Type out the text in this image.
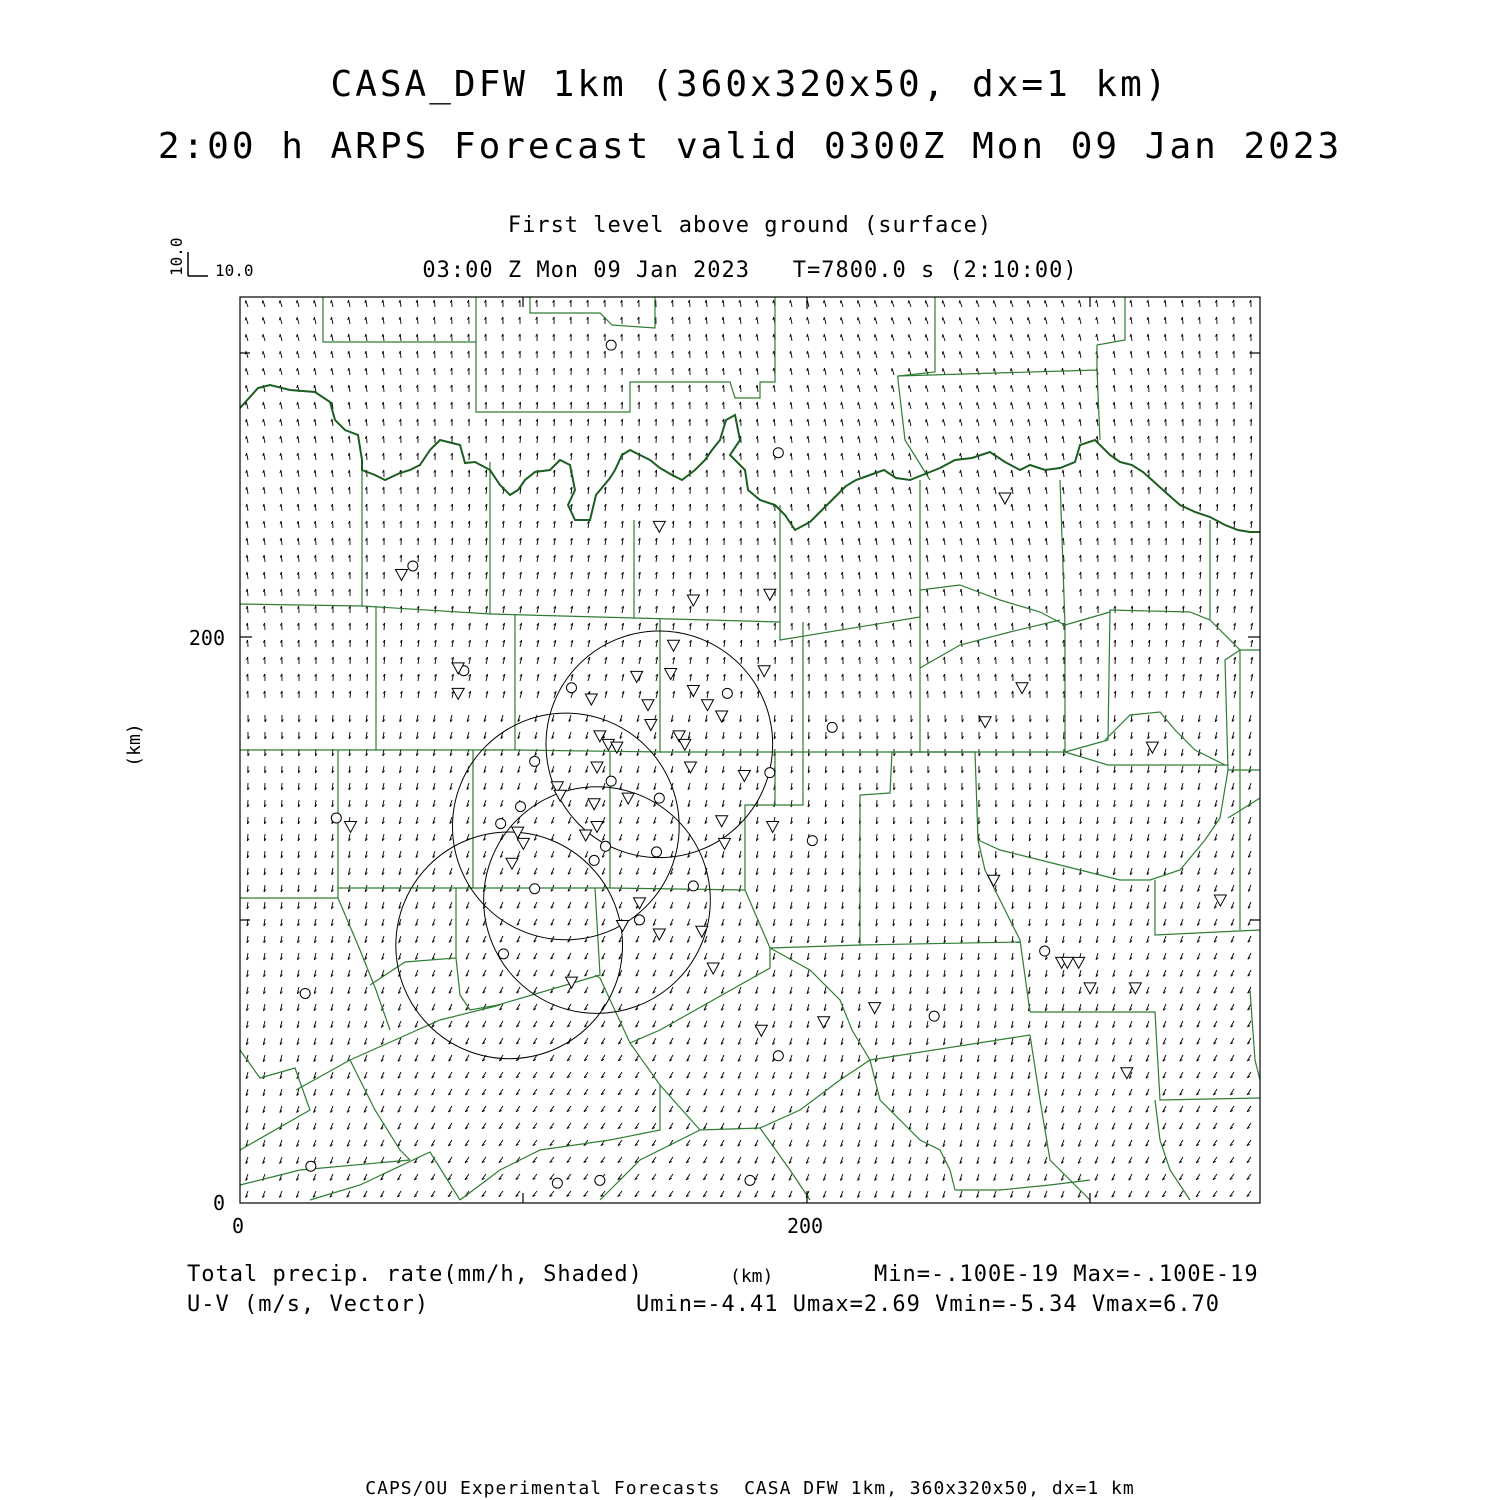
CASA_DFW 1km (360x320x50, dx=1 km)
2:00 h ARPS Forecast valid 0300Z Mon 09 Jan 2023
First level above ground (surface)
03:00 Z Mon 09 Jan 2023   T=7800.0 s (2:10:00)
10.0 10.0
200
0
0	200
(km)
Total precip. rate(mm/h, Shaded)	(km)	Min=-.100E-19 Max=-.100E-19
U-V (m/s, Vector)	Umin=-4.41 Umax=2.69 Vmin=-5.34 Vmax=6.70
CAPS/OU Experimental Forecasts  CASA DFW 1km, 360x320x50, dx=1 km
